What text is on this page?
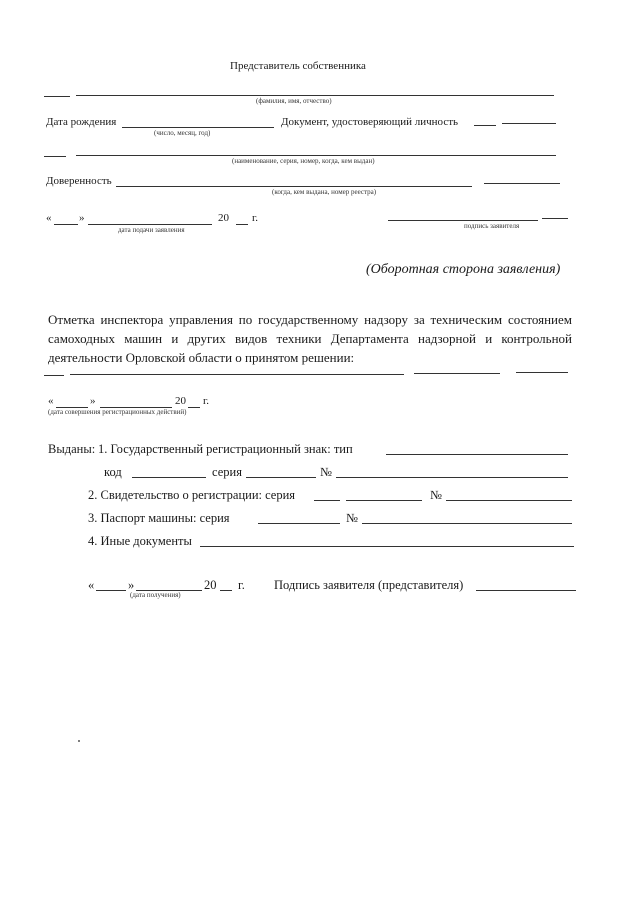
Представитель собственника
(фамилия, имя, отчество)
Дата рождения	Документ, удостоверяющий личность
(число, месяц, год)
(наименование, серия, номер, когда, кем выдан)
Доверенность
(когда, кем выдана, номер реестра)
«	»	20 г.
дата подачи заявления	подпись заявителя
(Оборотная сторона заявления)
Отметка инспектора управления по государственному надзору за техническим состоянием самоходных машин и других видов техники Департамента надзорной и контрольной деятельности Орловской области о принятом решении:
«	»	20 г.
(дата совершения регистрационных действий)
Выданы: 1. Государственный регистрационный знак: тип
код	серия	№
2. Свидетельство о регистрации: серия	№
3. Паспорт машины: серия	№
4. Иные документы
«	»	20 г.
(дата получения)
Подпись заявителя (представителя)
